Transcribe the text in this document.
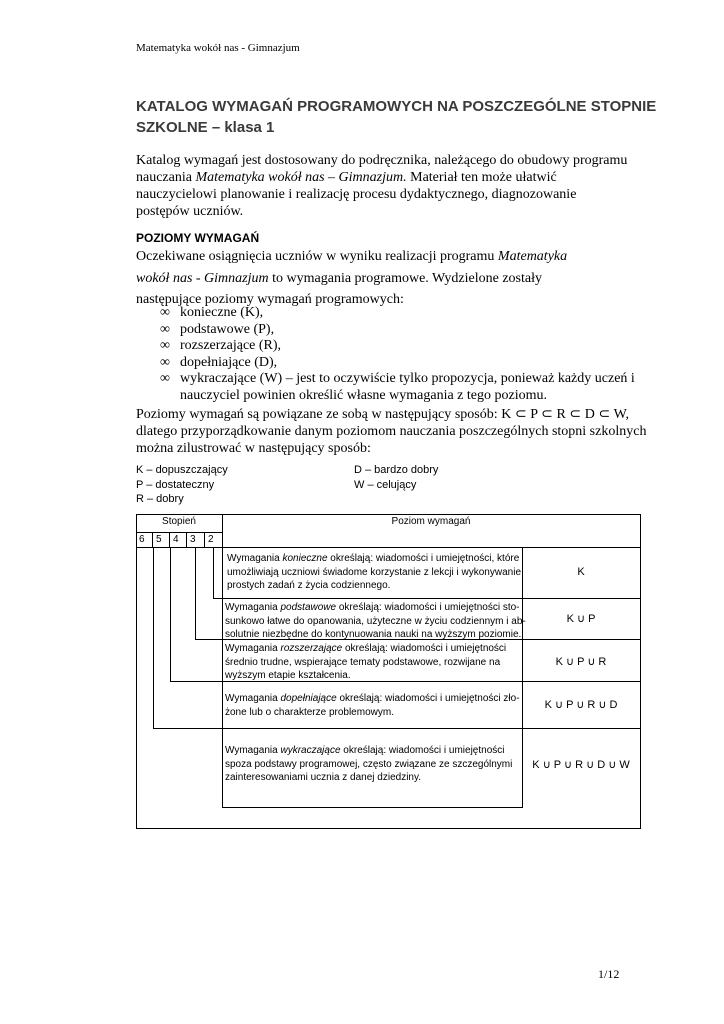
Matematyka wokół nas - Gimnazjum
KATALOG WYMAGAŃ PROGRAMOWYCH NA POSZCZEGÓLNE STOPNIE
SZKOLNE – klasa 1
Katalog wymagań jest dostosowany do podręcznika, należącego do obudowy programu
nauczania Matematyka wokół nas – Gimnazjum. Materiał ten może ułatwić
nauczycielowi planowanie i realizację procesu dydaktycznego, diagnozowanie
postępów uczniów.
POZIOMY WYMAGAŃ
Oczekiwane osiągnięcia uczniów w wyniku realizacji programu Matematyka
wokół nas - Gimnazjum to wymagania programowe. Wydzielone zostały
następujące poziomy wymagań programowych:
∞ konieczne (K),
∞ podstawowe (P),
∞ rozszerzające (R),
∞ dopełniające (D),
∞ wykraczające (W) – jest to oczywiście tylko propozycja, ponieważ każdy uczeń i
nauczyciel powinien określić własne wymagania z tego poziomu.
Poziomy wymagań są powiązane ze sobą w następujący sposób: K ⊂ P ⊂ R ⊂ D ⊂ W,
dlatego przyporządkowanie danym poziomom nauczania poszczególnych stopni szkolnych
można zilustrować w następujący sposób:
K – dopuszczający
P – dostateczny
R – dobry
D – bardzo dobry
W – celujący
Stopień	Poziom wymagań
6 5 4 3 2
Wymagania konieczne określają: wiadomości i umiejętności, które
umożliwiają uczniowi świadome korzystanie z lekcji i wykonywanie
prostych zadań z życia codziennego.
K
Wymagania podstawowe określają: wiadomości i umiejętności sto-
sunkowo łatwe do opanowania, użyteczne w życiu codziennym i ab-
solutnie niezbędne do kontynuowania nauki na wyższym poziomie.
K ∪ P
Wymagania rozszerzające określają: wiadomości i umiejętności
średnio trudne, wspierające tematy podstawowe, rozwijane na
wyższym etapie kształcenia.
K ∪ P ∪ R
Wymagania dopełniające określają: wiadomości i umiejętności zło-
żone lub o charakterze problemowym.
K ∪ P ∪ R ∪ D
Wymagania wykraczające określają: wiadomości i umiejętności
spoza podstawy programowej, często związane ze szczególnymi
zainteresowaniami ucznia z danej dziedziny.
K ∪ P ∪ R ∪ D ∪ W
1/12
